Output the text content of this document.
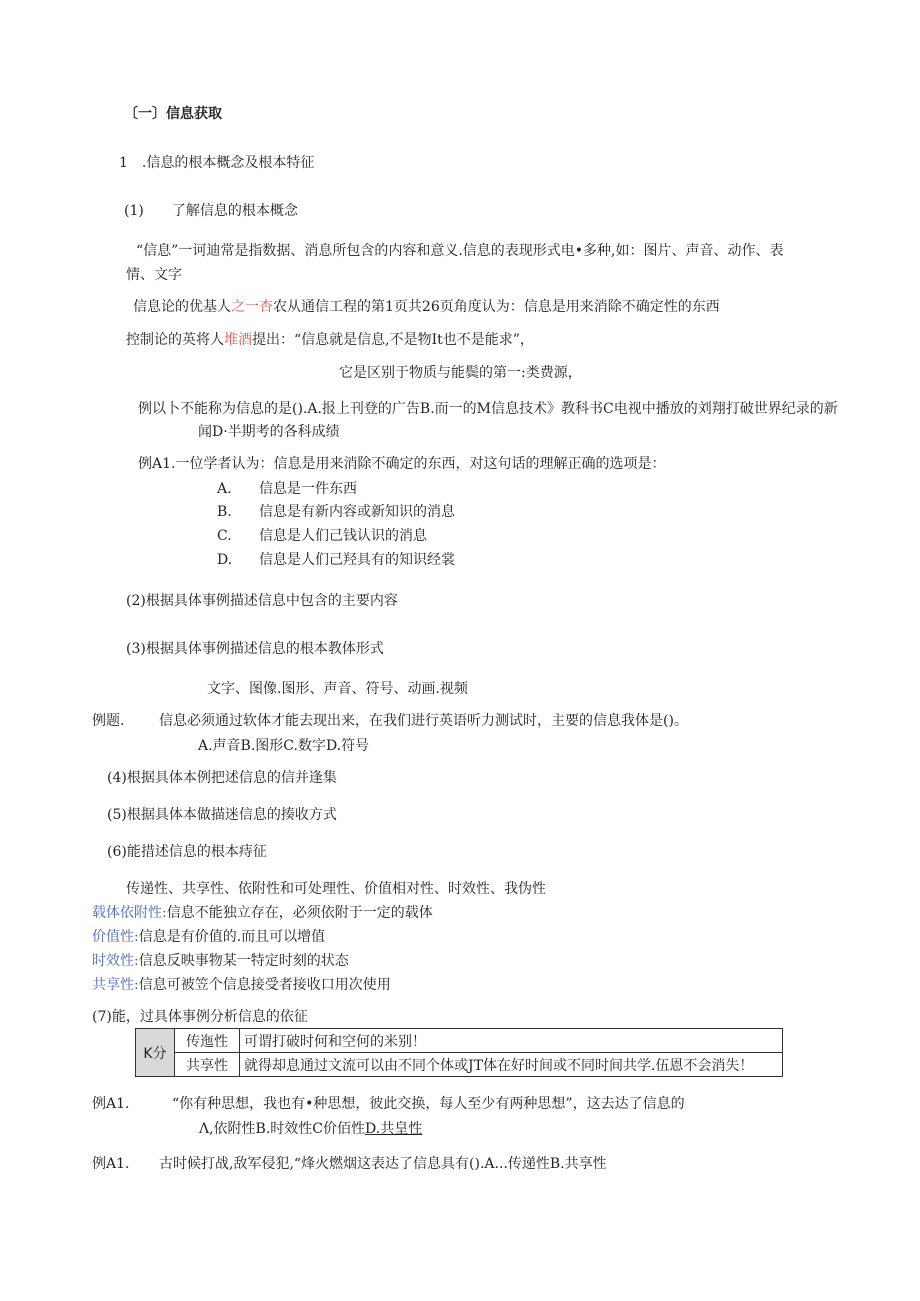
〔一〕信息获取
1　.信息的根本概念及根本特征
(1)　　了解信息的根本概念
“信息”一诃迪常是指数据、消息所包含的内容和意义.信息的表现形式电•多种,如：图片、声音、动作、表
情、文字
信息论的优基人之一杏农从通信工程的第1页共26页角度认为：信息是用来消除不确定性的东西
控制论的英将人堆酒提出：“信息就是信息,不是物It也不是能求”，
它是区别于物质与能鬓的第一:类费源，
例以卜不能称为信息的是().A.报上刊登的广告B.而一的M信息技术》教科书C电视中播放的刘翔打破世界纪录的新
闻D·半期考的各科成绩
例A1.一位学者认为：信息是用来消除不确定的东西，对这句话的理解正确的选项是：
A. 信息是一件东西
B. 信息是有新内容或新知识的消息
C. 信息是人们己钱认识的消息
D. 信息是人们己羟具有的知识经裳
(2)根据具体事例描述信息中包含的主要内容
(3)根据具体事例描述信息的根本教体形式
文字、图像.图形、声音、符号、动画.视频
例题. 信息必须通过软体才能去现出来，在我们进行英语听力测试时，主要的信息我体是()。
A.声音B.图形C.数字D.符号
(4)根据具体本例把述信息的信并逢集
(5)根据具体本做描迷信息的揍收方式
(6)能措述信息的根本痔征
传递性、共享性、依附性和可处理性、价值相对性、时效性、我伪性
载体依附性:信息不能独立存在，必须依附于一定的载体
价值性:信息是有价值的.而且可以增值
时效性:信息反映事物某一特定时刻的状态
共享性:信息可被笠个信息接受者接收口用次使用
(7)能，过具体事例分析信息的依征
K分	传迤性	可谓打破时何和空何的米别！
	共享性	就得却息通过文流可以由不同个体或JT体在好时间或不同时间共学.伍恩不会消失！
例A1.	“你有种思想，我也有•种思想，彼此交换，每人至少有两种思想”，这去达了信息的
Λ,依附性B.时效性C价佰性D.共皇性
例A1. 古时候打战,敌军侵犯,“烽火燃烟这表达了信息具有().A...传递性B.共享性
